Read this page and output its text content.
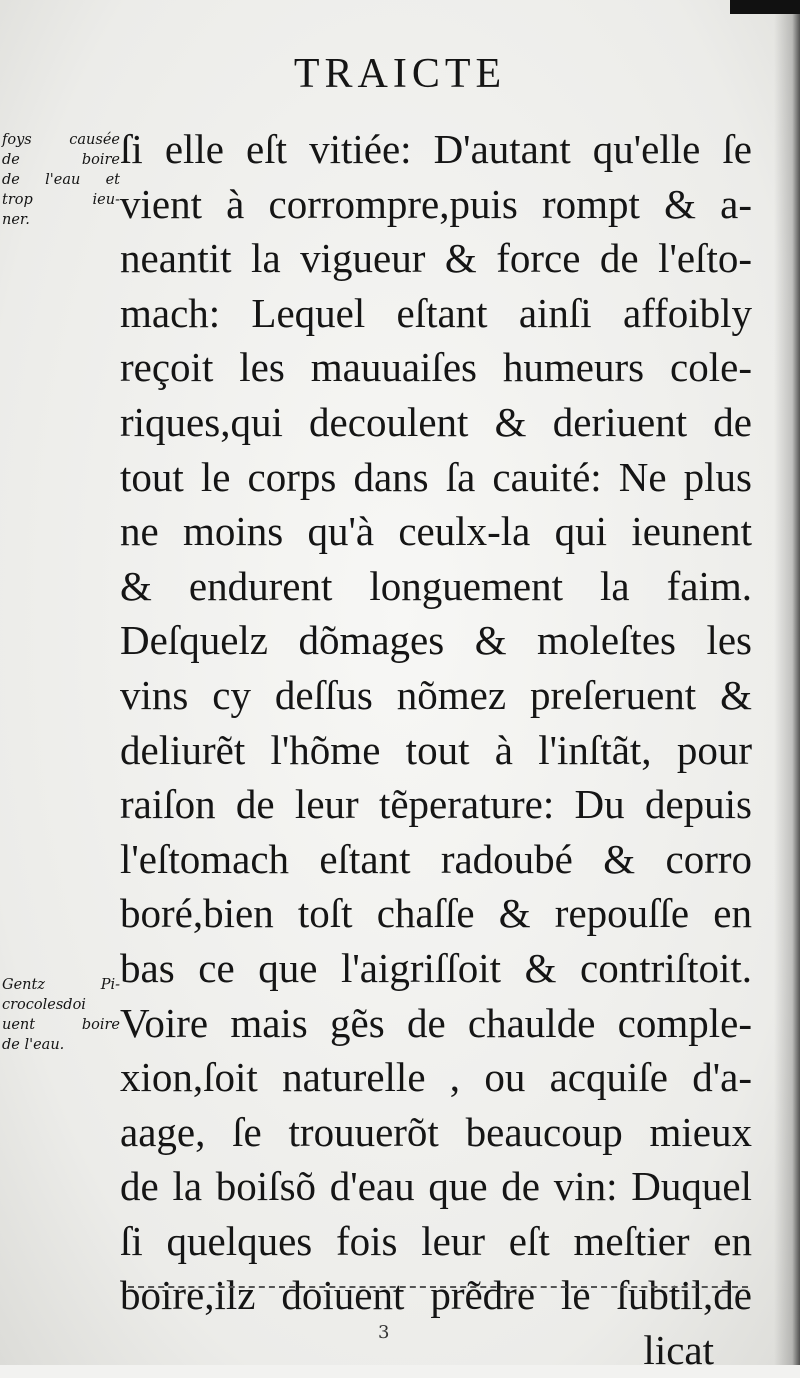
TRAICTE
foys causée
de boire
de l'eau et
trop ieu-
ner.
Gentz Pi-
crocolesdoi
uent boire
de l'eau.
ſi elle eſt vitiée: D'autant qu'elle ſe
vient à corrompre,puis rompt & a-
neantit la vigueur & force de l'eſto-
mach: Lequel eſtant ainſi affoibly
reçoit les mauuaiſes humeurs cole-
riques,qui decoulent & deriuent de
tout le corps dans ſa cauité: Ne plus
ne moins qu'à ceulx-la qui ieunent
& endurent longuement la faim.
Deſquelz dõmages & moleſtes les
vins cy deſſus nõmez preſeruent &
deliurẽt l'hõme tout à l'inſtãt, pour
raiſon de leur tẽperature: Du depuis
l'eſtomach eſtant radoubé & corro
boré,bien toſt chaſſe & repouſſe en
bas ce que l'aigriſſoit & contriſtoit.
Voire mais gẽs de chaulde comple-
xion,ſoit naturelle , ou acquiſe d'a-
aage, ſe trouuerõt beaucoup mieux
de la boiſsõ d'eau que de vin: Duquel
ſi quelques fois leur eſt meſtier en
boire,ilz doiuent prẽdre le ſubtil,de
licat
3
